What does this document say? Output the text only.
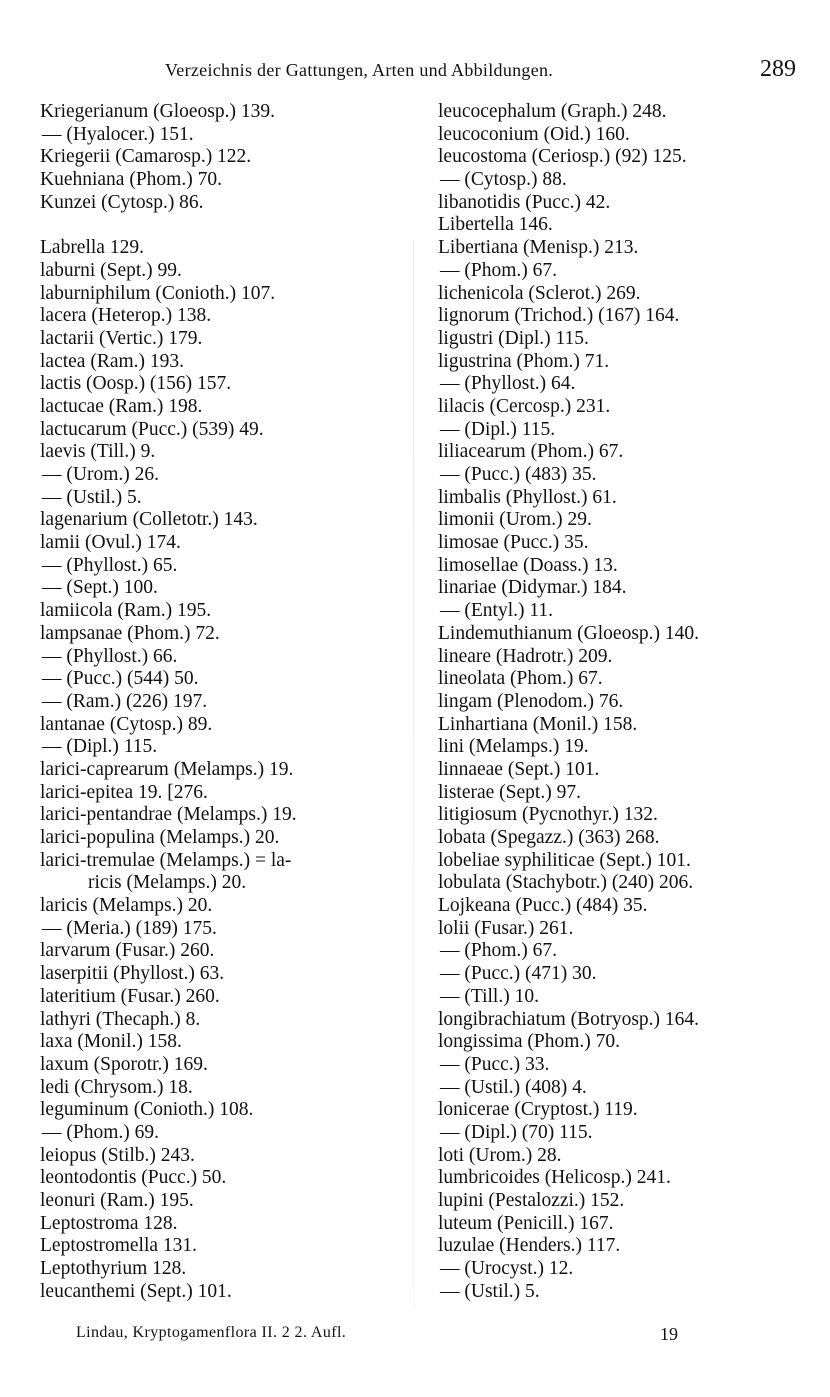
Verzeichnis der Gattungen, Arten und Abbildungen.	289
Kriegerianum (Gloeosp.) 139.
— (Hyalocer.) 151.
Kriegerii (Camarosp.) 122.
Kuehniana (Phom.) 70.
Kunzei (Cytosp.) 86.
Labrella 129.
laburni (Sept.) 99.
laburniphilum (Conioth.) 107.
lacera (Heterop.) 138.
lactarii (Vertic.) 179.
lactea (Ram.) 193.
lactis (Oosp.) (156) 157.
lactucae (Ram.) 198.
lactucarum (Pucc.) (539) 49.
laevis (Till.) 9.
— (Urom.) 26.
— (Ustil.) 5.
lagenarium (Colletotr.) 143.
lamii (Ovul.) 174.
— (Phyllost.) 65.
— (Sept.) 100.
lamiicola (Ram.) 195.
lampsanae (Phom.) 72.
— (Phyllost.) 66.
— (Pucc.) (544) 50.
— (Ram.) (226) 197.
lantanae (Cytosp.) 89.
— (Dipl.) 115.
larici-caprearum (Melamps.) 19.
larici-epitea 19. [276.
larici-pentandrae (Melamps.) 19.
larici-populina (Melamps.) 20.
larici-tremulae (Melamps.) = la-
ricis (Melamps.) 20.
laricis (Melamps.) 20.
— (Meria.) (189) 175.
larvarum (Fusar.) 260.
laserpitii (Phyllost.) 63.
lateritium (Fusar.) 260.
lathyri (Thecaph.) 8.
laxa (Monil.) 158.
laxum (Sporotr.) 169.
ledi (Chrysom.) 18.
leguminum (Conioth.) 108.
— (Phom.) 69.
leiopus (Stilb.) 243.
leontodontis (Pucc.) 50.
leonuri (Ram.) 195.
Leptostroma 128.
Leptostromella 131.
Leptothyrium 128.
leucanthemi (Sept.) 101.
leucocephalum (Graph.) 248.
leucoconium (Oid.) 160.
leucostoma (Ceriosp.) (92) 125.
— (Cytosp.) 88.
libanotidis (Pucc.) 42.
Libertella 146.
Libertiana (Menisp.) 213.
— (Phom.) 67.
lichenicola (Sclerot.) 269.
lignorum (Trichod.) (167) 164.
ligustri (Dipl.) 115.
ligustrina (Phom.) 71.
— (Phyllost.) 64.
lilacis (Cercosp.) 231.
— (Dipl.) 115.
liliacearum (Phom.) 67.
— (Pucc.) (483) 35.
limbalis (Phyllost.) 61.
limonii (Urom.) 29.
limosae (Pucc.) 35.
limosellae (Doass.) 13.
linariae (Didymar.) 184.
— (Entyl.) 11.
Lindemuthianum (Gloeosp.) 140.
lineare (Hadrotr.) 209.
lineolata (Phom.) 67.
lingam (Plenodom.) 76.
Linhartiana (Monil.) 158.
lini (Melamps.) 19.
linnaeae (Sept.) 101.
listerae (Sept.) 97.
litigiosum (Pycnothyr.) 132.
lobata (Spegazz.) (363) 268.
lobeliae syphiliticae (Sept.) 101.
lobulata (Stachybotr.) (240) 206.
Lojkeana (Pucc.) (484) 35.
lolii (Fusar.) 261.
— (Phom.) 67.
— (Pucc.) (471) 30.
— (Till.) 10.
longibrachiatum (Botryosp.) 164.
longissima (Phom.) 70.
— (Pucc.) 33.
— (Ustil.) (408) 4.
lonicerae (Cryptost.) 119.
— (Dipl.) (70) 115.
loti (Urom.) 28.
lumbricoides (Helicosp.) 241.
lupini (Pestalozzi.) 152.
luteum (Penicill.) 167.
luzulae (Henders.) 117.
— (Urocyst.) 12.
— (Ustil.) 5.
Lindau, Kryptogamenflora II. 2 2. Aufl.	19
